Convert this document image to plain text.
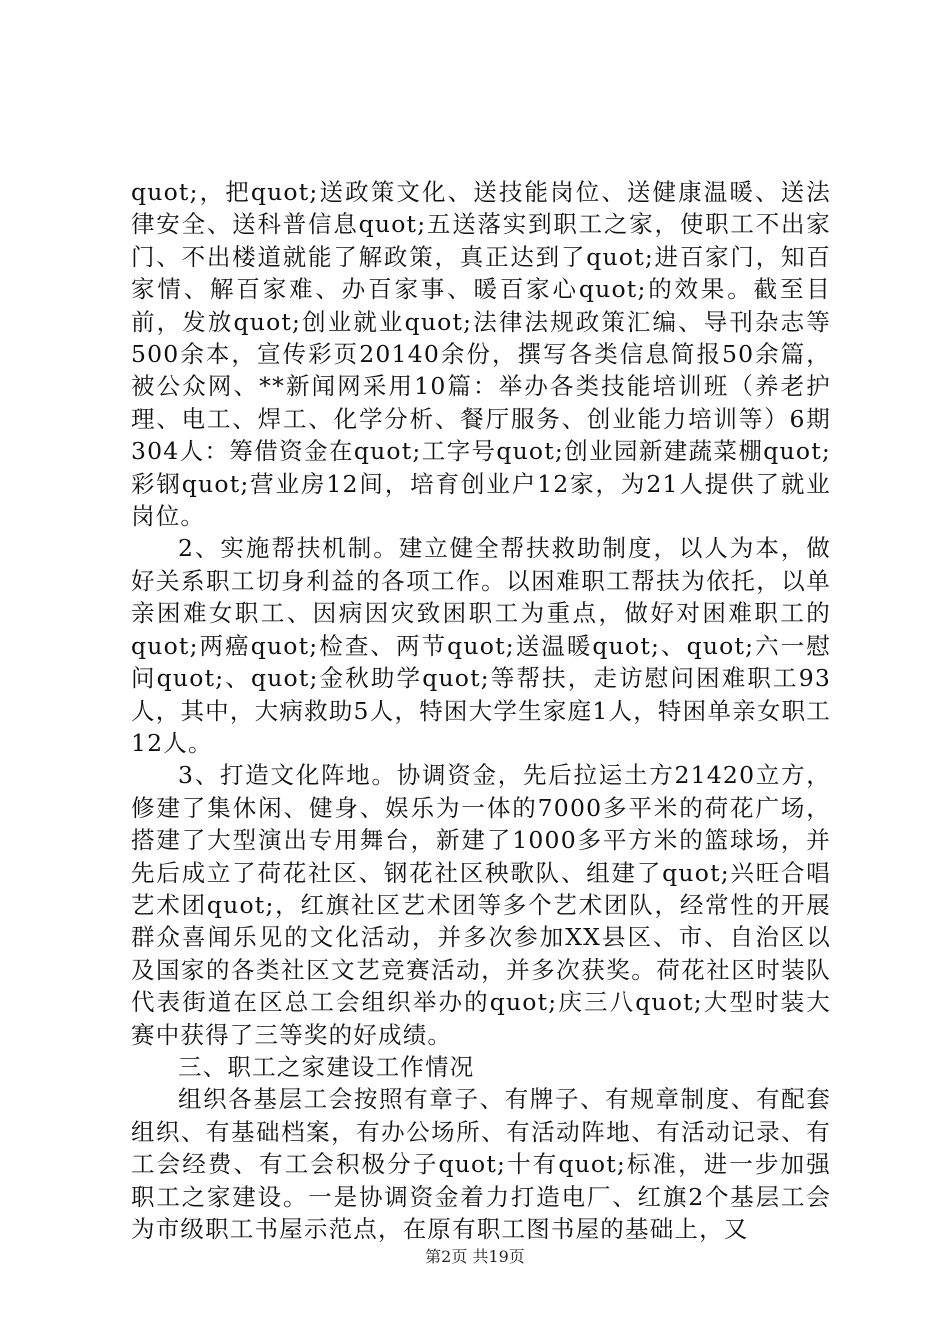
quot;，把quot;送政策文化、送技能岗位、送健康温暖、送法律安全、送科普信息quot;五送落实到职工之家，使职工不出家门、不出楼道就能了解政策，真正达到了quot;进百家门，知百家情、解百家难、办百家事、暖百家心quot;的效果。截至目前，发放quot;创业就业quot;法律法规政策汇编、导刊杂志等500余本，宣传彩页20140余份，撰写各类信息简报50余篇，被公众网、**新闻网采用10篇：举办各类技能培训班（养老护理、电工、焊工、化学分析、餐厅服务、创业能力培训等）6期304人：筹借资金在quot;工字号quot;创业园新建蔬菜棚quot;彩钢quot;营业房12间，培育创业户12家，为21人提供了就业岗位。

2、实施帮扶机制。建立健全帮扶救助制度，以人为本，做好关系职工切身利益的各项工作。以困难职工帮扶为依托，以单亲困难女职工、因病因灾致困职工为重点，做好对困难职工的quot;两癌quot;检查、两节quot;送温暖quot;、quot;六一慰问quot;、quot;金秋助学quot;等帮扶，走访慰问困难职工93人，其中，大病救助5人，特困大学生家庭1人，特困单亲女职工12人。

3、打造文化阵地。协调资金，先后拉运土方21420立方，修建了集休闲、健身、娱乐为一体的7000多平米的荷花广场，搭建了大型演出专用舞台，新建了1000多平方米的篮球场，并先后成立了荷花社区、钢花社区秧歌队、组建了quot;兴旺合唱艺术团quot;，红旗社区艺术团等多个艺术团队，经常性的开展群众喜闻乐见的文化活动，并多次参加XX县区、市、自治区以及国家的各类社区文艺竞赛活动，并多次获奖。荷花社区时装队代表街道在区总工会组织举办的quot;庆三八quot;大型时装大赛中获得了三等奖的好成绩。

三、职工之家建设工作情况

组织各基层工会按照有章子、有牌子、有规章制度、有配套组织、有基础档案，有办公场所、有活动阵地、有活动记录、有工会经费、有工会积极分子quot;十有quot;标准，进一步加强职工之家建设。一是协调资金着力打造电厂、红旗2个基层工会为市级职工书屋示范点，在原有职工图书屋的基础上，又

第2页 共19页
